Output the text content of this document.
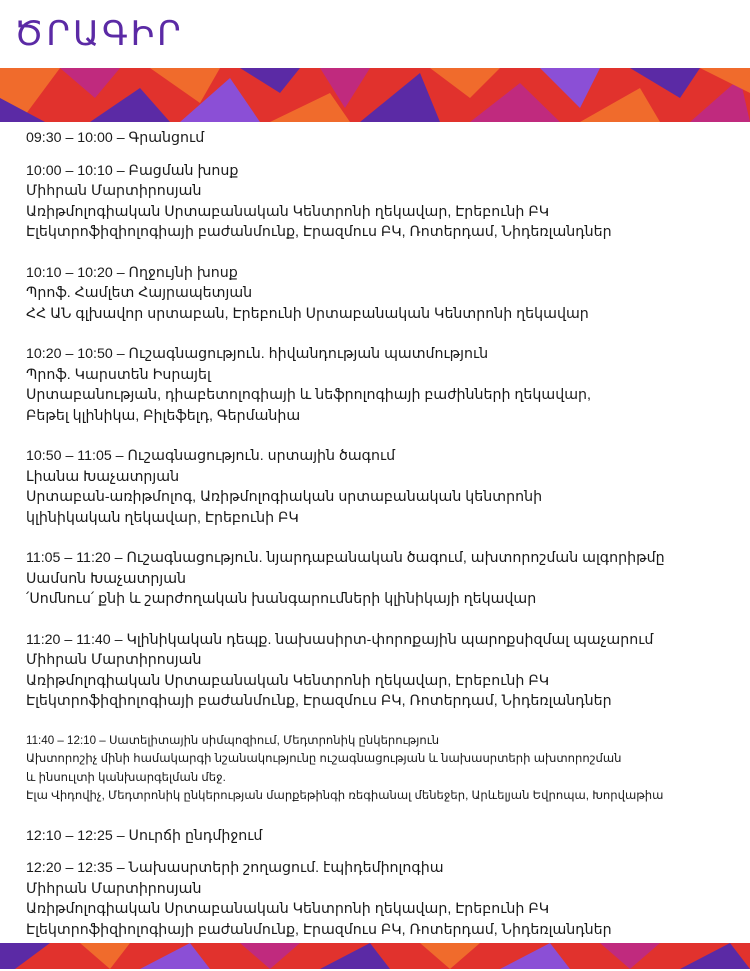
ԾՐԱԳԻՐ
09:30 – 10:00 – Գրանցում
10:00 – 10:10 – Բացման խոսք
Միհրան Մարտիրոսյան
Առիթմոլոգիական Սրտաբանական Կենտրոնի ղեկավար, Էրեբունի ԲԿ
Էլեկտրոֆիզիոլոգիայի բաժանմունք, Էրազմուս ԲԿ, Ռոտերդամ, Նիդեռլանդներ
10:10 – 10:20 – Ողջույնի խոսք
Պրոֆ. Համլետ Հայրապետյան
ՀՀ ԱՆ գլխավոր սրտաբան, Էրեբունի Սրտաբանական Կենտրոնի ղեկավար
10:20 – 10:50 – Ուշագնացություն. հիվանդության պատմություն
Պրոֆ. Կարստեն Իսրայել
Սրտաբանության, դիաբետոլոգիայի և նեֆրոլոգիայի բաժինների ղեկավար,
Բեթել կլինիկա, Բիլեֆելդ, Գերմանիա
10:50 – 11:05 – Ուշագնացություն. սրտային ծագում
Լիանա Խաչատրյան
Սրտաբան-առիթմոլոգ, Առիթմոլոգիական սրտաբանական կենտրոնի
կլինիկական ղեկավար, Էրեբունի ԲԿ
11:05 – 11:20 – Ուշագնացություն. նյարդաբանական ծագում, ախտորոշման ալգորիթմը
Սամսոն Խաչատրյան
՛Սոմնուս՛ քնի և շարժողական խանգարումների կլինիկայի ղեկավար
11:20 – 11:40 – Կլինիկական դեպք. նախասիրտ-փորոքային պարոքսիզմալ պաչարում
Միհրան Մարտիրոսյան
Առիթմոլոգիական Սրտաբանական Կենտրոնի ղեկավար, Էրեբունի ԲԿ
Էլեկտրոֆիզիոլոգիայի բաժանմունք, Էրազմուս ԲԿ, Ռոտերդամ, Նիդեռլանդներ
11:40 – 12:10 – Սատելիտային սիմպոզիում, Մեդտրոնիկ ընկերություն
Ախտորոշիչ մինի համակարգի նշանակությունը ուշագնացության և նախասրտերի ախտորոշման
և ինսուլտի կանխարգելման մեջ.
Էլա Վիդովիչ, Մեդտրոնիկ ընկերության մարքեթինգի ռեգիանալ մենեջեր, Արևելյան Եվրոպա, Խորվաթիա
12:10 – 12:25 – Սուրճի ընդմիջում
12:20 – 12:35 – Նախասրտերի շողացում. էպիդեմիոլոգիա
Միհրան Մարտիրոսյան
Առիթմոլոգիական Սրտաբանական Կենտրոնի ղեկավար, Էրեբունի ԲԿ
Էլեկտրոֆիզիոլոգիայի բաժանմունք, Էրազմուս ԲԿ, Ռոտերդամ, Նիդեռլանդներ
